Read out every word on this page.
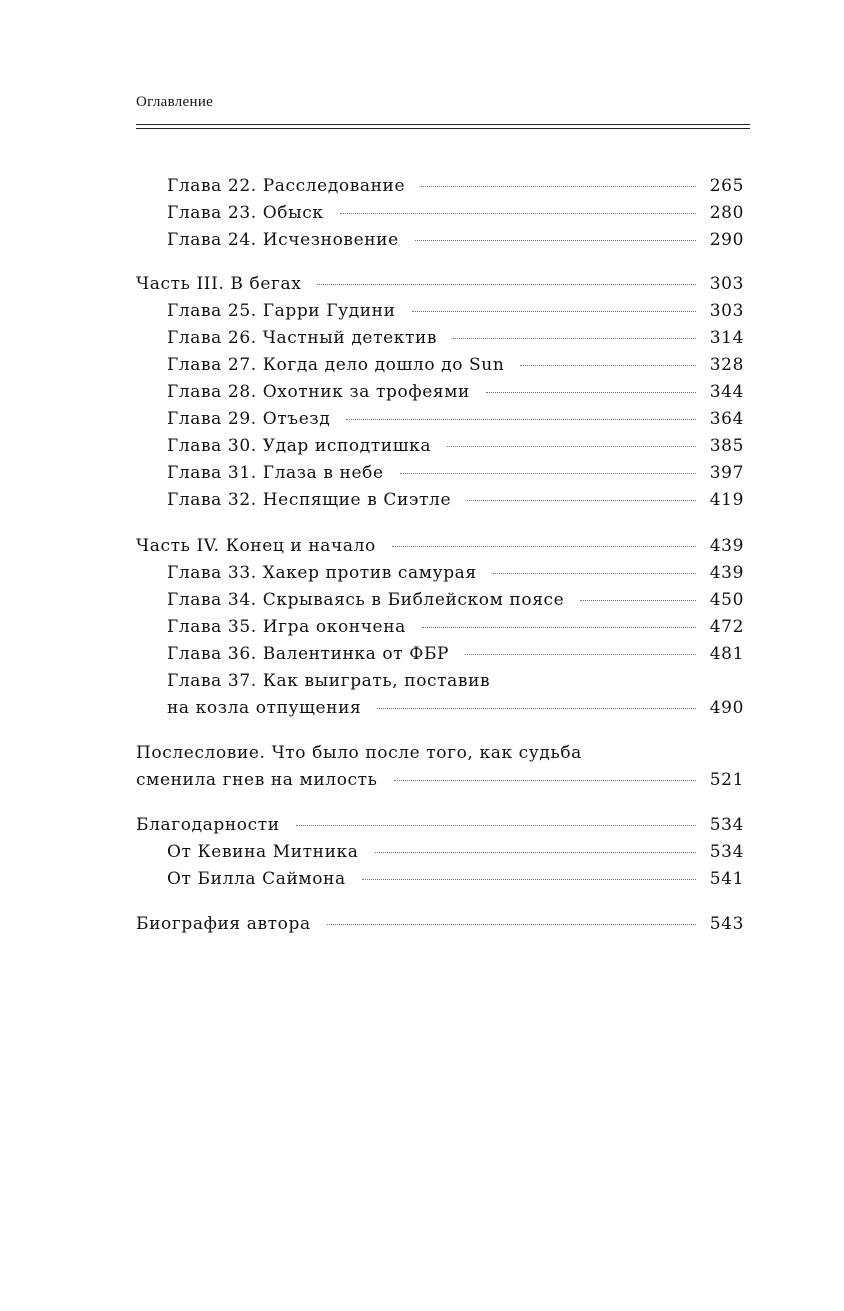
Оглавление
Глава 22. Расследование	265
Глава 23. Обыск	280
Глава 24. Исчезновение	290
Часть III. В бегах	303
Глава 25. Гарри Гудини	303
Глава 26. Частный детектив	314
Глава 27. Когда дело дошло до Sun	328
Глава 28. Охотник за трофеями	344
Глава 29. Отъезд	364
Глава 30. Удар исподтишка	385
Глава 31. Глаза в небе	397
Глава 32. Неспящие в Сиэтле	419
Часть IV. Конец и начало	439
Глава 33. Хакер против самурая	439
Глава 34. Скрываясь в Библейском поясе	450
Глава 35. Игра окончена	472
Глава 36. Валентинка от ФБР	481
Глава 37. Как выиграть, поставив
на козла отпущения	490
Послесловие. Что было после того, как судьба
сменила гнев на милость	521
Благодарности	534
От Кевина Митника	534
От Билла Саймона	541
Биография автора	543
